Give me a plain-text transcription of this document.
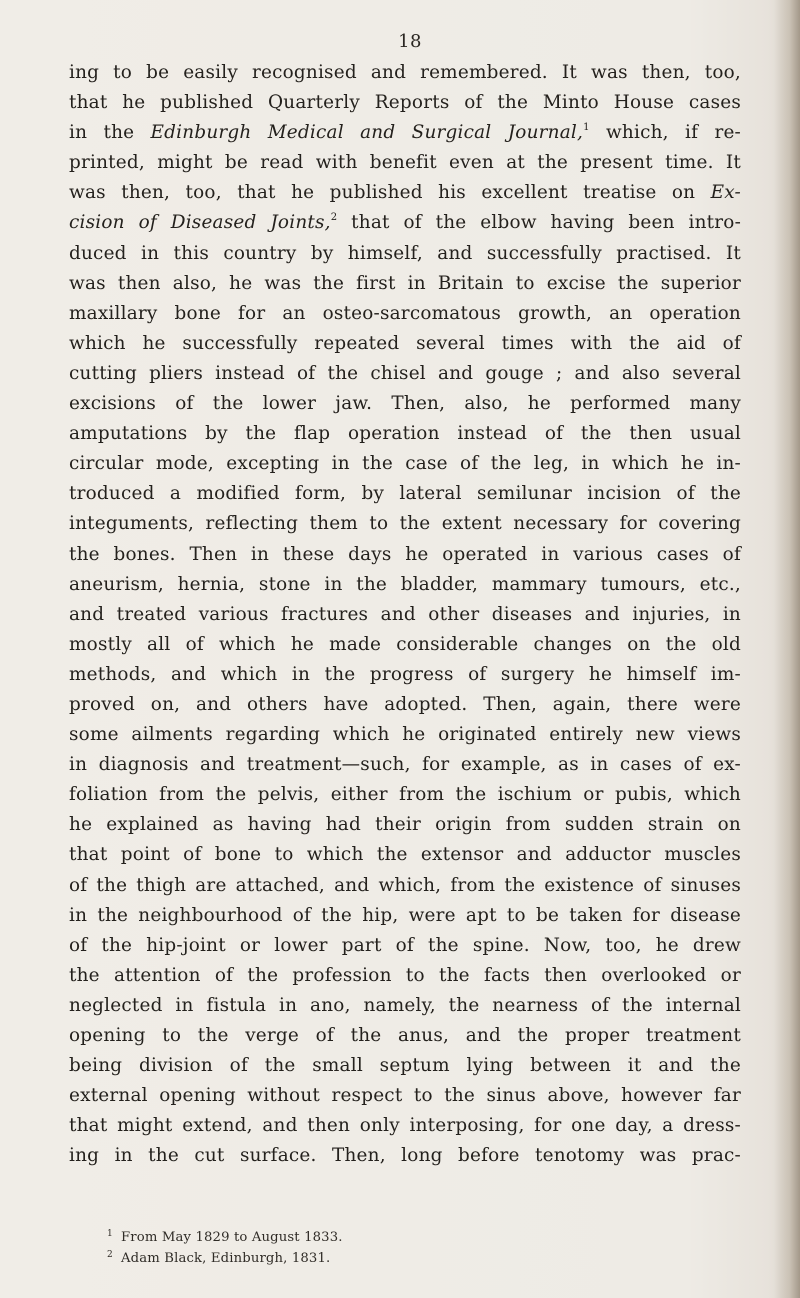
18
ing to be easily recognised and remembered. It was then, too,
that he published Quarterly Reports of the Minto House cases
in the Edinburgh Medical and Surgical Journal,$^1$ which, if re-
printed, might be read with benefit even at the present time. It
was then, too, that he published his excellent treatise on Ex-
cision of Diseased Joints,$^2$ that of the elbow having been intro-
duced in this country by himself, and successfully practised. It
was then also, he was the first in Britain to excise the superior
maxillary bone for an osteo-sarcomatous growth, an operation
which he successfully repeated several times with the aid of
cutting pliers instead of the chisel and gouge ; and also several
excisions of the lower jaw. Then, also, he performed many
amputations by the flap operation instead of the then usual
circular mode, excepting in the case of the leg, in which he in-
troduced a modified form, by lateral semilunar incision of the
integuments, reflecting them to the extent necessary for covering
the bones. Then in these days he operated in various cases of
aneurism, hernia, stone in the bladder, mammary tumours, etc.,
and treated various fractures and other diseases and injuries, in
mostly all of which he made considerable changes on the old
methods, and which in the progress of surgery he himself im-
proved on, and others have adopted. Then, again, there were
some ailments regarding which he originated entirely new views
in diagnosis and treatment—such, for example, as in cases of ex-
foliation from the pelvis, either from the ischium or pubis, which
he explained as having had their origin from sudden strain on
that point of bone to which the extensor and adductor muscles
of the thigh are attached, and which, from the existence of sinuses
in the neighbourhood of the hip, were apt to be taken for disease
of the hip-joint or lower part of the spine. Now, too, he drew
the attention of the profession to the facts then overlooked or
neglected in fistula in ano, namely, the nearness of the internal
opening to the verge of the anus, and the proper treatment
being division of the small septum lying between it and the
external opening without respect to the sinus above, however far
that might extend, and then only interposing, for one day, a dress-
ing in the cut surface. Then, long before tenotomy was prac-
$^1$ From May 1829 to August 1833.
$^2$ Adam Black, Edinburgh, 1831.
